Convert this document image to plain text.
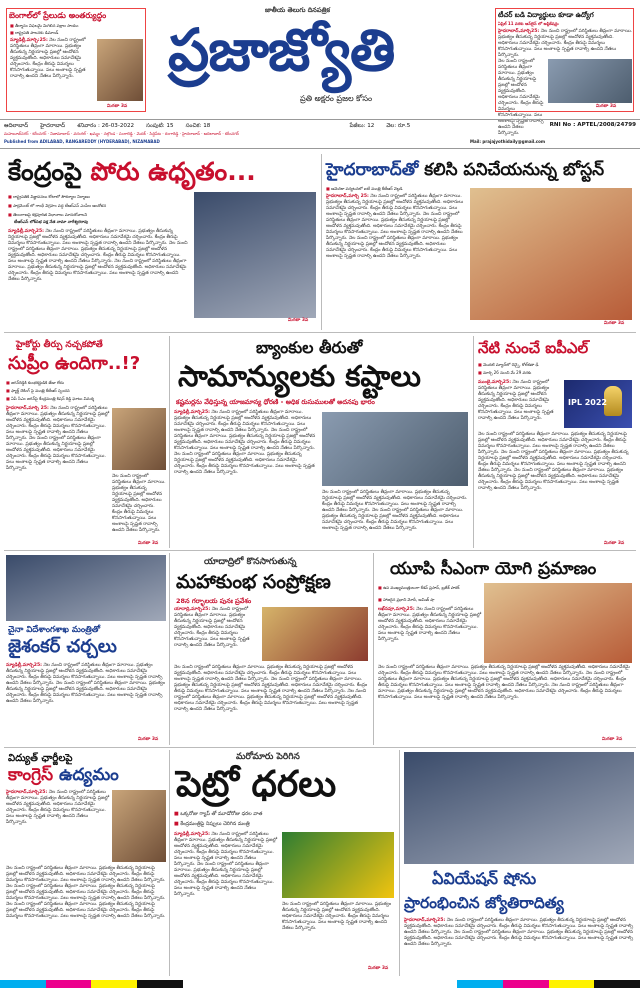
బెంగాల్‌లో ప్రేలుడు అంతర్యుద్ధం
■ తీర్మానం విఫలమై మిగిలిన పక్షాల సాయం
■ రాష్ట్రపతి పాలనకు డిమాండ్
న్యూఢిల్లీ,మార్చి:25: నెల నుంచి రాష్ట్రంలో పరిస్థితులు తీవ్రంగా మారాయి. ప్రభుత్వం తీసుకున్న నిర్ణయాలపై ప్రజల్లో ఆందోళన వ్యక్తమవుతోంది. అధికారులు సమావేశమై చర్చించారు. కేంద్రం తీరుపై విమర్శలు కొనసాగుతున్నాయి. పలు అంశాలపై స్పష్టత రావాల్సి ఉందని నేతలు పేర్కొన్నారు.
మిగతా 3వ
జాతీయ తెలుగు దినపత్రిక
ప్రజాజ్యోతి
ప్రతి అక్షరం ప్రజల కోసం
టీచర్ బడి విద్యార్థులు కూడా ఉద్యోగ
ఏప్రిల్ 11 వరకు ఆన్‌లైన్ లో అప్లికేషన్లు
హైదరాబాద్,మార్చి25: నెల నుంచి రాష్ట్రంలో పరిస్థితులు తీవ్రంగా మారాయి. ప్రభుత్వం తీసుకున్న నిర్ణయాలపై ప్రజల్లో ఆందోళన వ్యక్తమవుతోంది. అధికారులు సమావేశమై చర్చించారు. కేంద్రం తీరుపై విమర్శలు కొనసాగుతున్నాయి. పలు అంశాలపై స్పష్టత రావాల్సి ఉందని నేతలు పేర్కొన్నారు.
నెల నుంచి రాష్ట్రంలో పరిస్థితులు తీవ్రంగా మారాయి. ప్రభుత్వం తీసుకున్న నిర్ణయాలపై ప్రజల్లో ఆందోళన వ్యక్తమవుతోంది. అధికారులు సమావేశమై చర్చించారు. కేంద్రం తీరుపై విమర్శలు కొనసాగుతున్నాయి. పలు అంశాలపై స్పష్టత రావాల్సి ఉందని నేతలు పేర్కొన్నారు.
మిగతా 3వ
ఆదిలాబాద్ హైదరాబాద్ శనివారం : 26-03-2022 సంపుటి: 15 సంచిక: 18	పేజీలు: 12 వెల: రూ.5	RNI No : APTEL/2008/24799
మహబూబ్‌నగర్ · కరీంనగర్ · నిజామాబాద్ · వరంగల్ · ఖమ్మం · నల్గొండ · సంగారెడ్డి · మెదక్ · సిద్దిపేట · రంగారెడ్డి · హైదరాబాద్ · ఆదిలాబాద్ · కరీంనగర్
Published from ADILABAD, RANGAREDDY (HYDERABAD), NIZAMABAD	Mail: prajajyothidaily@gmail.com
కేంద్రంపై పోరు ఉధృతం...
■ రాష్ట్రపతికి విజ్ఞాపనలు కోటాలో సౌకర్యాల నిర్మాణం
■ పార్లమెంట్ లో గాంధీ విగ్రహం వద్ద టీఆర్ఎస్ ఎంపీల ఆందోళన
■ తెలంగాణపై కక్షపూరిత విధానాలు మానుకోవాలని
టీఆర్ఎస్ లోక్‌సభ పక్ష నేత నామా నాగేశ్వరరావు
న్యూఢిల్లీ,మార్చి25: నెల నుంచి రాష్ట్రంలో పరిస్థితులు తీవ్రంగా మారాయి. ప్రభుత్వం తీసుకున్న నిర్ణయాలపై ప్రజల్లో ఆందోళన వ్యక్తమవుతోంది. అధికారులు సమావేశమై చర్చించారు. కేంద్రం తీరుపై విమర్శలు కొనసాగుతున్నాయి. పలు అంశాలపై స్పష్టత రావాల్సి ఉందని నేతలు పేర్కొన్నారు. నెల నుంచి రాష్ట్రంలో పరిస్థితులు తీవ్రంగా మారాయి. ప్రభుత్వం తీసుకున్న నిర్ణయాలపై ప్రజల్లో ఆందోళన వ్యక్తమవుతోంది. అధికారులు సమావేశమై చర్చించారు. కేంద్రం తీరుపై విమర్శలు కొనసాగుతున్నాయి. పలు అంశాలపై స్పష్టత రావాల్సి ఉందని నేతలు పేర్కొన్నారు. నెల నుంచి రాష్ట్రంలో పరిస్థితులు తీవ్రంగా మారాయి. ప్రభుత్వం తీసుకున్న నిర్ణయాలపై ప్రజల్లో ఆందోళన వ్యక్తమవుతోంది. అధికారులు సమావేశమై చర్చించారు. కేంద్రం తీరుపై విమర్శలు కొనసాగుతున్నాయి. పలు అంశాలపై స్పష్టత రావాల్సి ఉందని నేతలు పేర్కొన్నారు.
మిగతా 3వ
హైదరాబాద్‌తో కలిసి పనిచేయనున్న బోస్టన్
■ అమెరికా పర్యటనలో ఐటీ మంత్రి కేటీఆర్ వెల్లడి
హైదరాబాద్,మార్చి 25: నెల నుంచి రాష్ట్రంలో పరిస్థితులు తీవ్రంగా మారాయి. ప్రభుత్వం తీసుకున్న నిర్ణయాలపై ప్రజల్లో ఆందోళన వ్యక్తమవుతోంది. అధికారులు సమావేశమై చర్చించారు. కేంద్రం తీరుపై విమర్శలు కొనసాగుతున్నాయి. పలు అంశాలపై స్పష్టత రావాల్సి ఉందని నేతలు పేర్కొన్నారు. నెల నుంచి రాష్ట్రంలో పరిస్థితులు తీవ్రంగా మారాయి. ప్రభుత్వం తీసుకున్న నిర్ణయాలపై ప్రజల్లో ఆందోళన వ్యక్తమవుతోంది. అధికారులు సమావేశమై చర్చించారు. కేంద్రం తీరుపై విమర్శలు కొనసాగుతున్నాయి. పలు అంశాలపై స్పష్టత రావాల్సి ఉందని నేతలు పేర్కొన్నారు. నెల నుంచి రాష్ట్రంలో పరిస్థితులు తీవ్రంగా మారాయి. ప్రభుత్వం తీసుకున్న నిర్ణయాలపై ప్రజల్లో ఆందోళన వ్యక్తమవుతోంది. అధికారులు సమావేశమై చర్చించారు. కేంద్రం తీరుపై విమర్శలు కొనసాగుతున్నాయి. పలు అంశాలపై స్పష్టత రావాల్సి ఉందని నేతలు పేర్కొన్నారు.
మిగతా 3వ
హైకోర్టు తీర్పు నచ్చకపోతే
సుప్రీం ఉందిగా..!?
■ జగన్‌రెడ్డికి కుంభకర్ణుడికి తేడా లేదు
■ ఫ్యాక్ట్ చెకింగ్‌ పై మంత్రి కేటీఆర్ స్పందన
■ ఏపీ సీఎం జగన్‌పై కేంద్రమంత్రి కిషన్ రెడ్డి ఘాటు విమర్శ
హైదరాబాద్,మార్చి 25: నెల నుంచి రాష్ట్రంలో పరిస్థితులు తీవ్రంగా మారాయి. ప్రభుత్వం తీసుకున్న నిర్ణయాలపై ప్రజల్లో ఆందోళన వ్యక్తమవుతోంది. అధికారులు సమావేశమై చర్చించారు. కేంద్రం తీరుపై విమర్శలు కొనసాగుతున్నాయి. పలు అంశాలపై స్పష్టత రావాల్సి ఉందని నేతలు పేర్కొన్నారు. నెల నుంచి రాష్ట్రంలో పరిస్థితులు తీవ్రంగా మారాయి. ప్రభుత్వం తీసుకున్న నిర్ణయాలపై ప్రజల్లో ఆందోళన వ్యక్తమవుతోంది. అధికారులు సమావేశమై చర్చించారు. కేంద్రం తీరుపై విమర్శలు కొనసాగుతున్నాయి. పలు అంశాలపై స్పష్టత రావాల్సి ఉందని నేతలు పేర్కొన్నారు.
నెల నుంచి రాష్ట్రంలో పరిస్థితులు తీవ్రంగా మారాయి. ప్రభుత్వం తీసుకున్న నిర్ణయాలపై ప్రజల్లో ఆందోళన వ్యక్తమవుతోంది. అధికారులు సమావేశమై చర్చించారు. కేంద్రం తీరుపై విమర్శలు కొనసాగుతున్నాయి. పలు అంశాలపై స్పష్టత రావాల్సి ఉందని నేతలు పేర్కొన్నారు.
మిగతా 3వ
బ్యాంకుల తీరుతో
సామాన్యులకు కష్టాలు
కష్టమర్లను వేధిస్తున్న యాజమాన్య ధోరణి - అధిక రుసుములతో అదనపు భారం
న్యూఢిల్లీ,మార్చి25: నెల నుంచి రాష్ట్రంలో పరిస్థితులు తీవ్రంగా మారాయి. ప్రభుత్వం తీసుకున్న నిర్ణయాలపై ప్రజల్లో ఆందోళన వ్యక్తమవుతోంది. అధికారులు సమావేశమై చర్చించారు. కేంద్రం తీరుపై విమర్శలు కొనసాగుతున్నాయి. పలు అంశాలపై స్పష్టత రావాల్సి ఉందని నేతలు పేర్కొన్నారు. నెల నుంచి రాష్ట్రంలో పరిస్థితులు తీవ్రంగా మారాయి. ప్రభుత్వం తీసుకున్న నిర్ణయాలపై ప్రజల్లో ఆందోళన వ్యక్తమవుతోంది. అధికారులు సమావేశమై చర్చించారు. కేంద్రం తీరుపై విమర్శలు కొనసాగుతున్నాయి. పలు అంశాలపై స్పష్టత రావాల్సి ఉందని నేతలు పేర్కొన్నారు. నెల నుంచి రాష్ట్రంలో పరిస్థితులు తీవ్రంగా మారాయి. ప్రభుత్వం తీసుకున్న నిర్ణయాలపై ప్రజల్లో ఆందోళన వ్యక్తమవుతోంది. అధికారులు సమావేశమై చర్చించారు. కేంద్రం తీరుపై విమర్శలు కొనసాగుతున్నాయి. పలు అంశాలపై స్పష్టత రావాల్సి ఉందని నేతలు పేర్కొన్నారు.
నెల నుంచి రాష్ట్రంలో పరిస్థితులు తీవ్రంగా మారాయి. ప్రభుత్వం తీసుకున్న నిర్ణయాలపై ప్రజల్లో ఆందోళన వ్యక్తమవుతోంది. అధికారులు సమావేశమై చర్చించారు. కేంద్రం తీరుపై విమర్శలు కొనసాగుతున్నాయి. పలు అంశాలపై స్పష్టత రావాల్సి ఉందని నేతలు పేర్కొన్నారు. నెల నుంచి రాష్ట్రంలో పరిస్థితులు తీవ్రంగా మారాయి. ప్రభుత్వం తీసుకున్న నిర్ణయాలపై ప్రజల్లో ఆందోళన వ్యక్తమవుతోంది. అధికారులు సమావేశమై చర్చించారు. కేంద్రం తీరుపై విమర్శలు కొనసాగుతున్నాయి. పలు అంశాలపై స్పష్టత రావాల్సి ఉందని నేతలు పేర్కొన్నారు.
నేటి నుంచే ఐపీఎల్
■ మొదటి మ్యాచ్‌లో చెన్నై, కోల్‌కతా ఢీ
■ మార్చి 26 నుంచి మే 29 వరకు
ముంబై,మార్చి25: నెల నుంచి రాష్ట్రంలో పరిస్థితులు తీవ్రంగా మారాయి. ప్రభుత్వం తీసుకున్న నిర్ణయాలపై ప్రజల్లో ఆందోళన వ్యక్తమవుతోంది. అధికారులు సమావేశమై చర్చించారు. కేంద్రం తీరుపై విమర్శలు కొనసాగుతున్నాయి. పలు అంశాలపై స్పష్టత రావాల్సి ఉందని నేతలు పేర్కొన్నారు.
IPL 2022
నెల నుంచి రాష్ట్రంలో పరిస్థితులు తీవ్రంగా మారాయి. ప్రభుత్వం తీసుకున్న నిర్ణయాలపై ప్రజల్లో ఆందోళన వ్యక్తమవుతోంది. అధికారులు సమావేశమై చర్చించారు. కేంద్రం తీరుపై విమర్శలు కొనసాగుతున్నాయి. పలు అంశాలపై స్పష్టత రావాల్సి ఉందని నేతలు పేర్కొన్నారు. నెల నుంచి రాష్ట్రంలో పరిస్థితులు తీవ్రంగా మారాయి. ప్రభుత్వం తీసుకున్న నిర్ణయాలపై ప్రజల్లో ఆందోళన వ్యక్తమవుతోంది. అధికారులు సమావేశమై చర్చించారు. కేంద్రం తీరుపై విమర్శలు కొనసాగుతున్నాయి. పలు అంశాలపై స్పష్టత రావాల్సి ఉందని నేతలు పేర్కొన్నారు. నెల నుంచి రాష్ట్రంలో పరిస్థితులు తీవ్రంగా మారాయి. ప్రభుత్వం తీసుకున్న నిర్ణయాలపై ప్రజల్లో ఆందోళన వ్యక్తమవుతోంది. అధికారులు సమావేశమై చర్చించారు. కేంద్రం తీరుపై విమర్శలు కొనసాగుతున్నాయి. పలు అంశాలపై స్పష్టత రావాల్సి ఉందని నేతలు పేర్కొన్నారు.
మిగతా 3వ
చైనా విదేశాంగశాఖ మంత్రితో
జైశంకర్ చర్చలు
న్యూఢిల్లీ,మార్చి25: నెల నుంచి రాష్ట్రంలో పరిస్థితులు తీవ్రంగా మారాయి. ప్రభుత్వం తీసుకున్న నిర్ణయాలపై ప్రజల్లో ఆందోళన వ్యక్తమవుతోంది. అధికారులు సమావేశమై చర్చించారు. కేంద్రం తీరుపై విమర్శలు కొనసాగుతున్నాయి. పలు అంశాలపై స్పష్టత రావాల్సి ఉందని నేతలు పేర్కొన్నారు. నెల నుంచి రాష్ట్రంలో పరిస్థితులు తీవ్రంగా మారాయి. ప్రభుత్వం తీసుకున్న నిర్ణయాలపై ప్రజల్లో ఆందోళన వ్యక్తమవుతోంది. అధికారులు సమావేశమై చర్చించారు. కేంద్రం తీరుపై విమర్శలు కొనసాగుతున్నాయి. పలు అంశాలపై స్పష్టత రావాల్సి ఉందని నేతలు పేర్కొన్నారు.
మిగతా 3వ
యాదాద్రిలో కొనసాగుతున్న
మహాకుంభ సంప్రోక్షణ
28న గర్భాలయ పునః ప్రవేశం
యాదాద్రి,మార్చి25: నెల నుంచి రాష్ట్రంలో పరిస్థితులు తీవ్రంగా మారాయి. ప్రభుత్వం తీసుకున్న నిర్ణయాలపై ప్రజల్లో ఆందోళన వ్యక్తమవుతోంది. అధికారులు సమావేశమై చర్చించారు. కేంద్రం తీరుపై విమర్శలు కొనసాగుతున్నాయి. పలు అంశాలపై స్పష్టత రావాల్సి ఉందని నేతలు పేర్కొన్నారు.
నెల నుంచి రాష్ట్రంలో పరిస్థితులు తీవ్రంగా మారాయి. ప్రభుత్వం తీసుకున్న నిర్ణయాలపై ప్రజల్లో ఆందోళన వ్యక్తమవుతోంది. అధికారులు సమావేశమై చర్చించారు. కేంద్రం తీరుపై విమర్శలు కొనసాగుతున్నాయి. పలు అంశాలపై స్పష్టత రావాల్సి ఉందని నేతలు పేర్కొన్నారు. నెల నుంచి రాష్ట్రంలో పరిస్థితులు తీవ్రంగా మారాయి. ప్రభుత్వం తీసుకున్న నిర్ణయాలపై ప్రజల్లో ఆందోళన వ్యక్తమవుతోంది. అధికారులు సమావేశమై చర్చించారు. కేంద్రం తీరుపై విమర్శలు కొనసాగుతున్నాయి. పలు అంశాలపై స్పష్టత రావాల్సి ఉందని నేతలు పేర్కొన్నారు. నెల నుంచి రాష్ట్రంలో పరిస్థితులు తీవ్రంగా మారాయి. ప్రభుత్వం తీసుకున్న నిర్ణయాలపై ప్రజల్లో ఆందోళన వ్యక్తమవుతోంది. అధికారులు సమావేశమై చర్చించారు. కేంద్రం తీరుపై విమర్శలు కొనసాగుతున్నాయి. పలు అంశాలపై స్పష్టత రావాల్సి ఉందని నేతలు పేర్కొన్నారు.
యూపి సీఎంగా యోగి ప్రమాణం
■ ఉప ముఖ్యమంత్రులుగా కేశవ్ ప్రసాద్, బ్రజేశ్ పాఠక్
■ హాజరైన ప్రధాని మోదీ, అమిత్ షా
లఖ్‌నవూ,మార్చి25: నెల నుంచి రాష్ట్రంలో పరిస్థితులు తీవ్రంగా మారాయి. ప్రభుత్వం తీసుకున్న నిర్ణయాలపై ప్రజల్లో ఆందోళన వ్యక్తమవుతోంది. అధికారులు సమావేశమై చర్చించారు. కేంద్రం తీరుపై విమర్శలు కొనసాగుతున్నాయి. పలు అంశాలపై స్పష్టత రావాల్సి ఉందని నేతలు పేర్కొన్నారు.
నెల నుంచి రాష్ట్రంలో పరిస్థితులు తీవ్రంగా మారాయి. ప్రభుత్వం తీసుకున్న నిర్ణయాలపై ప్రజల్లో ఆందోళన వ్యక్తమవుతోంది. అధికారులు సమావేశమై చర్చించారు. కేంద్రం తీరుపై విమర్శలు కొనసాగుతున్నాయి. పలు అంశాలపై స్పష్టత రావాల్సి ఉందని నేతలు పేర్కొన్నారు. నెల నుంచి రాష్ట్రంలో పరిస్థితులు తీవ్రంగా మారాయి. ప్రభుత్వం తీసుకున్న నిర్ణయాలపై ప్రజల్లో ఆందోళన వ్యక్తమవుతోంది. అధికారులు సమావేశమై చర్చించారు. కేంద్రం తీరుపై విమర్శలు కొనసాగుతున్నాయి. పలు అంశాలపై స్పష్టత రావాల్సి ఉందని నేతలు పేర్కొన్నారు. నెల నుంచి రాష్ట్రంలో పరిస్థితులు తీవ్రంగా మారాయి. ప్రభుత్వం తీసుకున్న నిర్ణయాలపై ప్రజల్లో ఆందోళన వ్యక్తమవుతోంది. అధికారులు సమావేశమై చర్చించారు. కేంద్రం తీరుపై విమర్శలు కొనసాగుతున్నాయి. పలు అంశాలపై స్పష్టత రావాల్సి ఉందని నేతలు పేర్కొన్నారు.
మిగతా 3వ
విద్యుత్ ఛార్జీలపై
కాంగ్రెస్ ఉద్యమం
హైదరాబాద్,మార్చి25: నెల నుంచి రాష్ట్రంలో పరిస్థితులు తీవ్రంగా మారాయి. ప్రభుత్వం తీసుకున్న నిర్ణయాలపై ప్రజల్లో ఆందోళన వ్యక్తమవుతోంది. అధికారులు సమావేశమై చర్చించారు. కేంద్రం తీరుపై విమర్శలు కొనసాగుతున్నాయి. పలు అంశాలపై స్పష్టత రావాల్సి ఉందని నేతలు పేర్కొన్నారు.
నెల నుంచి రాష్ట్రంలో పరిస్థితులు తీవ్రంగా మారాయి. ప్రభుత్వం తీసుకున్న నిర్ణయాలపై ప్రజల్లో ఆందోళన వ్యక్తమవుతోంది. అధికారులు సమావేశమై చర్చించారు. కేంద్రం తీరుపై విమర్శలు కొనసాగుతున్నాయి. పలు అంశాలపై స్పష్టత రావాల్సి ఉందని నేతలు పేర్కొన్నారు. నెల నుంచి రాష్ట్రంలో పరిస్థితులు తీవ్రంగా మారాయి. ప్రభుత్వం తీసుకున్న నిర్ణయాలపై ప్రజల్లో ఆందోళన వ్యక్తమవుతోంది. అధికారులు సమావేశమై చర్చించారు. కేంద్రం తీరుపై విమర్శలు కొనసాగుతున్నాయి. పలు అంశాలపై స్పష్టత రావాల్సి ఉందని నేతలు పేర్కొన్నారు. నెల నుంచి రాష్ట్రంలో పరిస్థితులు తీవ్రంగా మారాయి. ప్రభుత్వం తీసుకున్న నిర్ణయాలపై ప్రజల్లో ఆందోళన వ్యక్తమవుతోంది. అధికారులు సమావేశమై చర్చించారు. కేంద్రం తీరుపై విమర్శలు కొనసాగుతున్నాయి. పలు అంశాలపై స్పష్టత రావాల్సి ఉందని నేతలు పేర్కొన్నారు.
మరోమారు పెరిగిన
పెట్రో ధరలు
■ ఒక్కరోజు గ్యాప్ తో మూడోరోజు ధరల వాత
■ కేంద్రమంత్రిపై నిప్పులు చెరిగిన మంత్రి
న్యూఢిల్లీ,మార్చి25: నెల నుంచి రాష్ట్రంలో పరిస్థితులు తీవ్రంగా మారాయి. ప్రభుత్వం తీసుకున్న నిర్ణయాలపై ప్రజల్లో ఆందోళన వ్యక్తమవుతోంది. అధికారులు సమావేశమై చర్చించారు. కేంద్రం తీరుపై విమర్శలు కొనసాగుతున్నాయి. పలు అంశాలపై స్పష్టత రావాల్సి ఉందని నేతలు పేర్కొన్నారు. నెల నుంచి రాష్ట్రంలో పరిస్థితులు తీవ్రంగా మారాయి. ప్రభుత్వం తీసుకున్న నిర్ణయాలపై ప్రజల్లో ఆందోళన వ్యక్తమవుతోంది. అధికారులు సమావేశమై చర్చించారు. కేంద్రం తీరుపై విమర్శలు కొనసాగుతున్నాయి. పలు అంశాలపై స్పష్టత రావాల్సి ఉందని నేతలు పేర్కొన్నారు.
నెల నుంచి రాష్ట్రంలో పరిస్థితులు తీవ్రంగా మారాయి. ప్రభుత్వం తీసుకున్న నిర్ణయాలపై ప్రజల్లో ఆందోళన వ్యక్తమవుతోంది. అధికారులు సమావేశమై చర్చించారు. కేంద్రం తీరుపై విమర్శలు కొనసాగుతున్నాయి. పలు అంశాలపై స్పష్టత రావాల్సి ఉందని నేతలు పేర్కొన్నారు.
మిగతా 3వ
ఏవియేషన్ షోను
ప్రారంభించిన జ్యోతిరాదిత్య
హైదరాబాద్,మార్చి25: నెల నుంచి రాష్ట్రంలో పరిస్థితులు తీవ్రంగా మారాయి. ప్రభుత్వం తీసుకున్న నిర్ణయాలపై ప్రజల్లో ఆందోళన వ్యక్తమవుతోంది. అధికారులు సమావేశమై చర్చించారు. కేంద్రం తీరుపై విమర్శలు కొనసాగుతున్నాయి. పలు అంశాలపై స్పష్టత రావాల్సి ఉందని నేతలు పేర్కొన్నారు. నెల నుంచి రాష్ట్రంలో పరిస్థితులు తీవ్రంగా మారాయి. ప్రభుత్వం తీసుకున్న నిర్ణయాలపై ప్రజల్లో ఆందోళన వ్యక్తమవుతోంది. అధికారులు సమావేశమై చర్చించారు. కేంద్రం తీరుపై విమర్శలు కొనసాగుతున్నాయి. పలు అంశాలపై స్పష్టత రావాల్సి ఉందని నేతలు పేర్కొన్నారు.
